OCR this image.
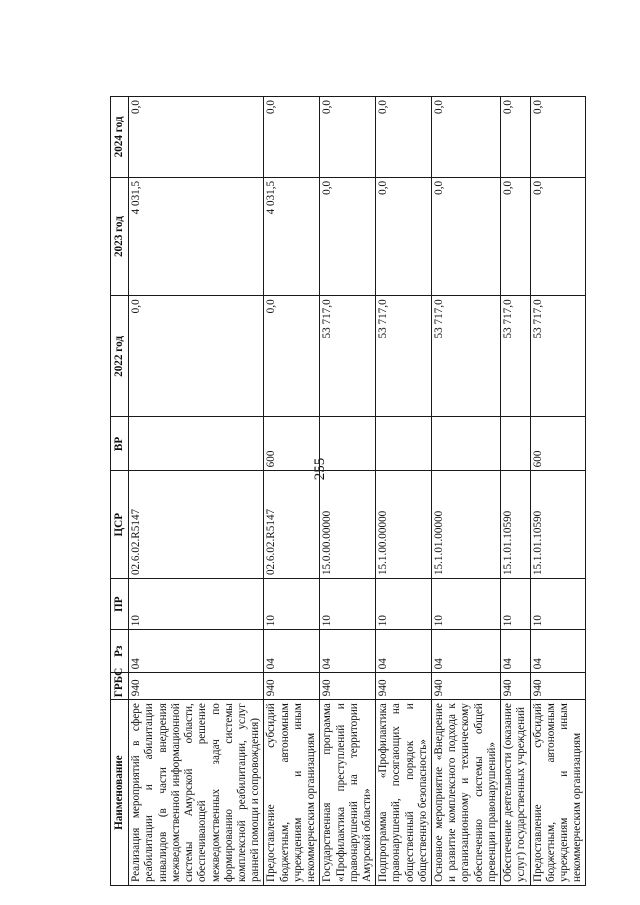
255
Наименование	ГРБС	Рз	ПР	ЦСР	ВР	2022 год	2023 год	2024 год
Реализация мероприятий в сфере реабилитации и абилитации инвалидов (в части внедрения межведомственной информационной системы Амурской области, обеспечивающей решение межведомственных задач по формированию системы комплексной реабилитации, услуг ранней помощи и сопровождения)	940	04	10	02.6.02.R5147		0,0	4 031,5	0,0
Предоставление субсидий бюджетным, автономным учреждениям и иным некоммерческим организациям	940	04	10	02.6.02.R5147	600	0,0	4 031,5	0,0
Государственная программа «Профилактика преступлений и правонарушений на территории Амурской области»	940	04	10	15.0.00.00000		53 717,0	0,0	0,0
Подпрограмма «Профилактика правонарушений, посягающих на общественный порядок и общественную безопасность»	940	04	10	15.1.00.00000		53 717,0	0,0	0,0
Основное мероприятие «Внедрение и развитие комплексного подхода к организационному и техническому обеспечению системы общей превенции правонарушений»	940	04	10	15.1.01.00000		53 717,0	0,0	0,0
Обеспечение деятельности (оказание услуг) государственных учреждений	940	04	10	15.1.01.10590		53 717,0	0,0	0,0
Предоставление субсидий бюджетным, автономным учреждениям и иным некоммерческим организациям	940	04	10	15.1.01.10590	600	53 717,0	0,0	0,0
